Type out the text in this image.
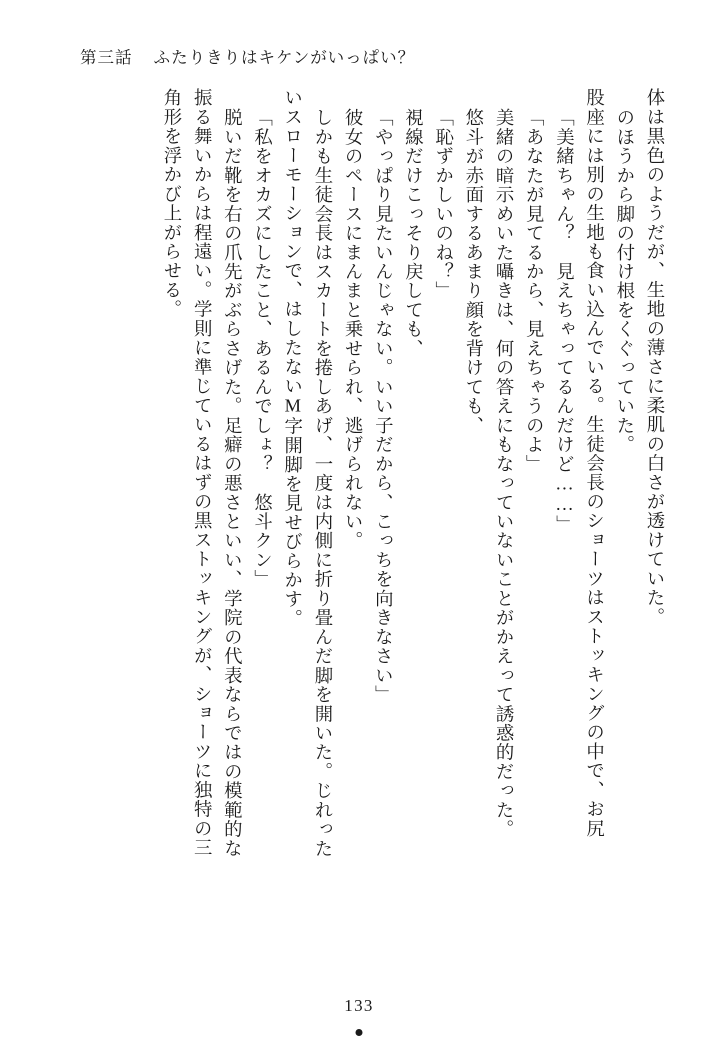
第三話 ふたりきりはキケンがいっぱい？
体は黒色のようだが、生地の薄さに柔肌の白さが透けていた。
のほうから脚の付け根をくぐっていた。
股座には別の生地も食い込んでいる。生徒会長のショーツはストッキングの中で、お尻
「美緒ちゃん？　見えちゃってるんだけど……」
「あなたが見てるから、見えちゃうのよ」
美緒の暗示めいた囁きは、何の答えにもなっていないことがかえって誘惑的だった。
悠斗が赤面するあまり顔を背けても、
「恥ずかしいのね？」
視線だけこっそり戻しても、
「やっぱり見たいんじゃない。いい子だから、こっちを向きなさい」
彼女のペースにまんまと乗せられ、逃げられない。
しかも生徒会長はスカートを捲しあげ、一度は内側に折り畳んだ脚を開いた。じれった
いスローモーションで、はしたないM字開脚を見せびらかす。
「私をオカズにしたこと、あるんでしょ？　悠斗クン」
脱いだ靴を右の爪先がぶらさげた。足癖の悪さといい、学院の代表ならではの模範的な
振る舞いからは程遠い。学則に準じているはずの黒ストッキングが、ショーツに独特の三
角形を浮かび上がらせる。
133
